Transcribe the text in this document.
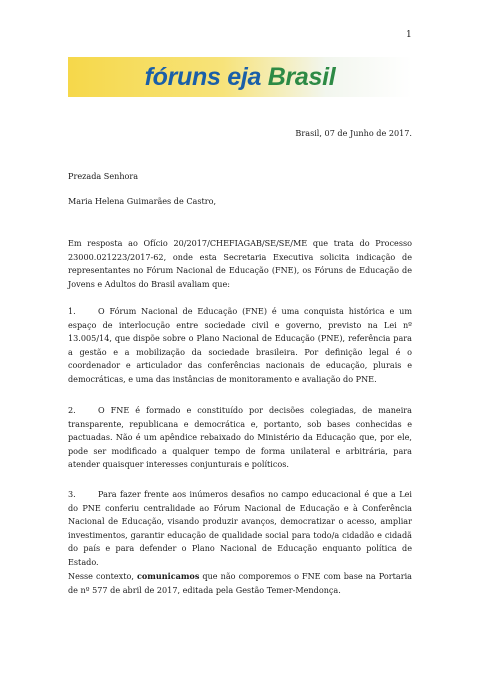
1
fóruns eja Brasil
Brasil, 07 de Junho de 2017.
Prezada Senhora
Maria Helena Guimarães de Castro,
Em resposta ao Ofício 20/2017/CHEFIAGAB/SE/SE/ME que trata do Processo 23000.021223/2017-62, onde esta Secretaria Executiva solicita indicação de representantes no Fórum Nacional de Educação (FNE), os Fóruns de Educação de Jovens e Adultos do Brasil avaliam que:
1.	O Fórum Nacional de Educação (FNE) é uma conquista histórica e um espaço de interlocução entre sociedade civil e governo, previsto na Lei nº 13.005/14, que dispõe sobre o Plano Nacional de Educação (PNE), referência para a gestão e a mobilização da sociedade brasileira. Por definição legal é o coordenador e articulador das conferências nacionais de educação, plurais e democráticas, e uma das instâncias de monitoramento e avaliação do PNE.
2.	O FNE é formado e constituído por decisões colegiadas, de maneira transparente, republicana e democrática e, portanto, sob bases conhecidas e pactuadas. Não é um apêndice rebaixado do Ministério da Educação que, por ele, pode ser modificado a qualquer tempo de forma unilateral e arbitrária, para atender quaisquer interesses conjunturais e políticos.
3.	Para fazer frente aos inúmeros desafios no campo educacional é que a Lei do PNE conferiu centralidade ao Fórum Nacional de Educação e à Conferência Nacional de Educação, visando produzir avanços, democratizar o acesso, ampliar investimentos, garantir educação de qualidade social para todo/a cidadão e cidadã do país e para defender o Plano Nacional de Educação enquanto política de Estado.
Nesse contexto, comunicamos que não comporemos o FNE com base na Portaria de nº 577 de abril de 2017, editada pela Gestão Temer-Mendonça.
